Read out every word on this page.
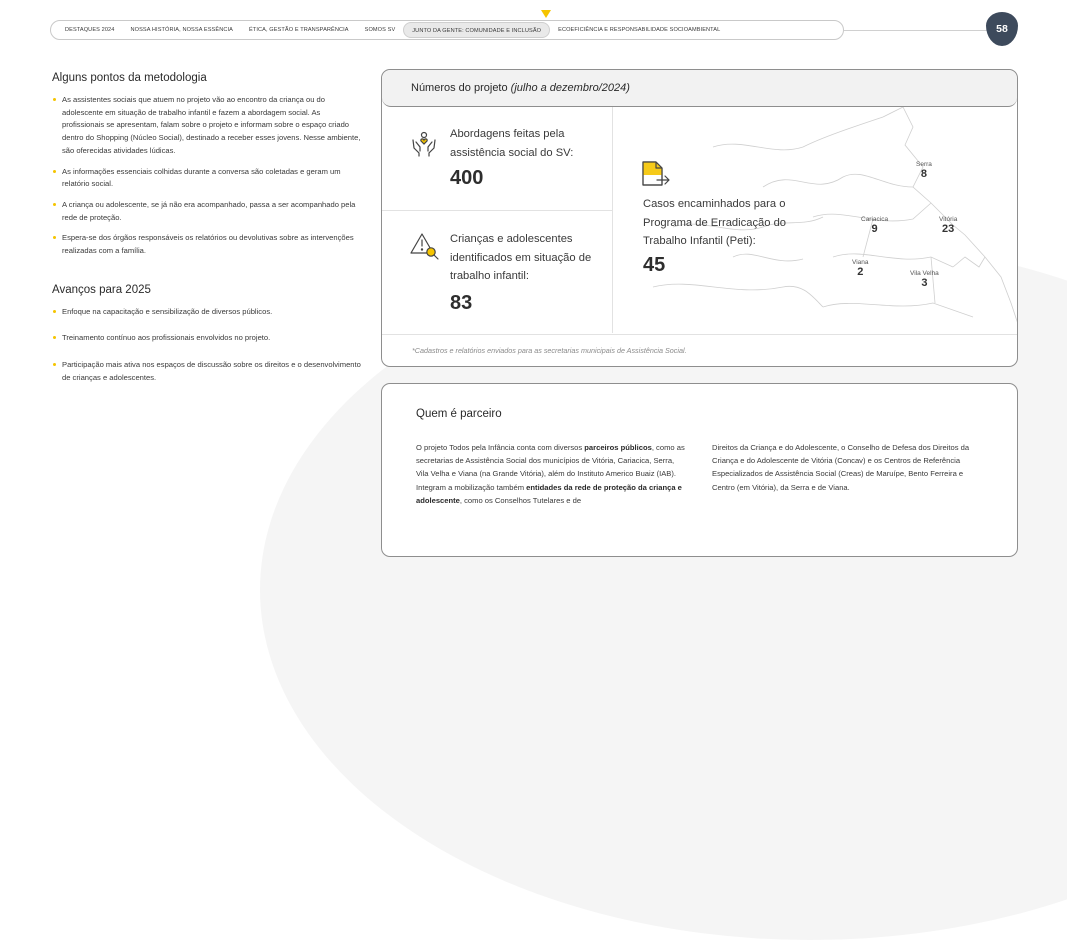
DESTAQUES 2024	NOSSA HISTÓRIA, NOSSA ESSÊNCIA	ÉTICA, GESTÃO E TRANSPARÊNCIA	SOMOS SV	JUNTO DA GENTE: COMUNIDADE E INCLUSÃO	ECOEFICIÊNCIA E RESPONSABILIDADE SOCIOAMBIENTAL	58
Alguns pontos da metodologia
As assistentes sociais que atuem no projeto vão ao encontro da criança ou do adolescente em situação de trabalho infantil e fazem a abordagem social. As profissionais se apresentam, falam sobre o projeto e informam sobre o espaço criado dentro do Shopping (Núcleo Social), destinado a receber esses jovens. Nesse ambiente, são oferecidas atividades lúdicas.
As informações essenciais colhidas durante a conversa são coletadas e geram um relatório social.
A criança ou adolescente, se já não era acompanhado, passa a ser acompanhado pela rede de proteção.
Espera-se dos órgãos responsáveis os relatórios ou devolutivas sobre as intervenções realizadas com a família.
Avanços para 2025
Enfoque na capacitação e sensibilização de diversos públicos.
Treinamento contínuo aos profissionais envolvidos no projeto.
Participação mais ativa nos espaços de discussão sobre os direitos e o desenvolvimento de crianças e adolescentes.
Números do projeto
(julho a dezembro/2024)
Abordagens feitas pela assistência social do SV:
400
Crianças e adolescentes identificados em situação de trabalho infantil:
83
Casos encaminhados para o Programa de Erradicação do Trabalho Infantil (Peti):
45
Serra
8
Cariacica
9
Vitória
23
Viana
2	Vila Velha
3
*Cadastros e relatórios enviados para as secretarias municipais de Assistência Social.
Quem é parceiro
O projeto Todos pela Infância conta com diversos parceiros públicos, como as secretarias de Assistência Social dos municípios de Vitória, Cariacica, Serra, Vila Velha e Viana (na Grande Vitória), além do Instituto Americo Buaiz (IAB). Integram a mobilização também entidades da rede de proteção da criança e adolescente, como os Conselhos Tutelares e de
Direitos da Criança e do Adolescente, o Conselho de Defesa dos Direitos da Criança e do Adolescente de Vitória (Concav) e os Centros de Referência Especializados de Assistência Social (Creas) de Maruípe, Bento Ferreira e Centro (em Vitória), da Serra e de Viana.
